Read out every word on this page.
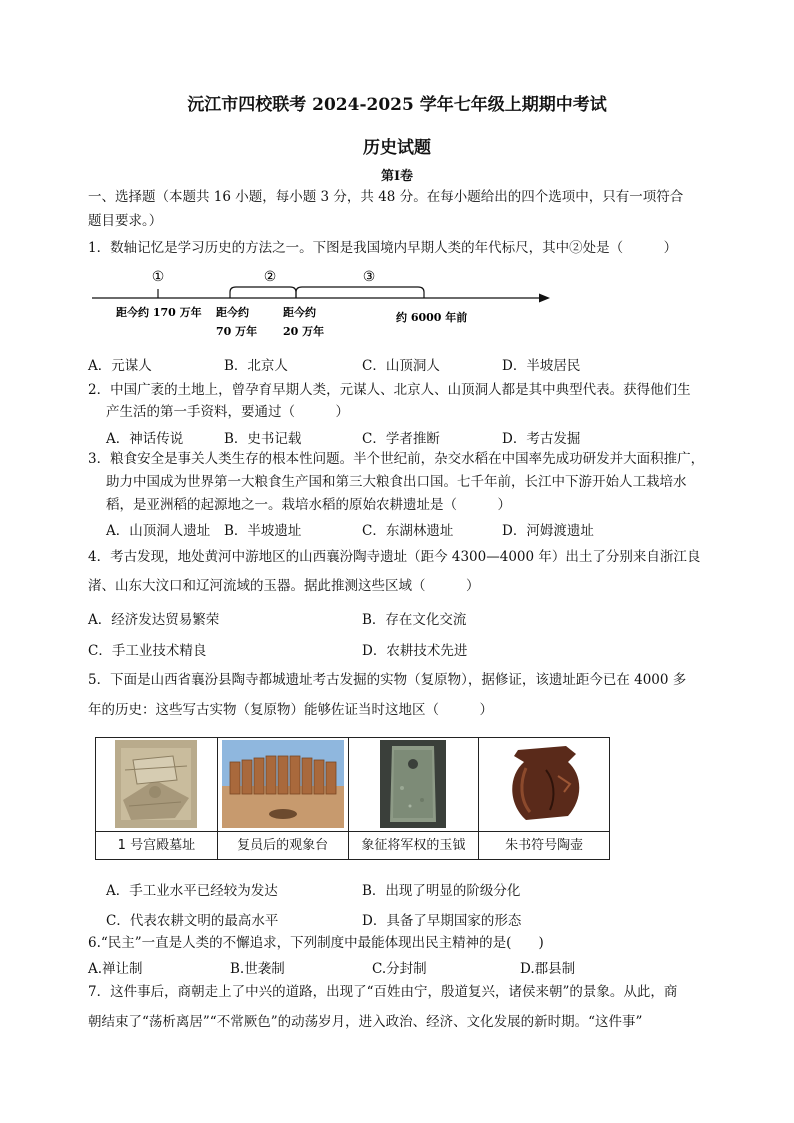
沅江市四校联考 2024-2025 学年七年级上期期中考试
历史试题
第Ⅰ卷
一、选择题（本题共 16 小题，每小题 3 分，共 48 分。在每小题给出的四个选项中，只有一项符合
题目要求。）
1．数轴记忆是学习历史的方法之一。下图是我国境内早期人类的年代标尺，其中②处是（　　　）
①	②	③
距今约 170 万年 距今约
70 万年
距今约
20 万年
约 6000 年前
A．元谋人	B．北京人	C．山顶洞人	D．半坡居民
2．中国广袤的土地上，曾孕育早期人类，元谋人、北京人、山顶洞人都是其中典型代表。获得他们生
产生活的第一手资料，要通过（　　　）
A．神话传说	B．史书记载	C．学者推断	D．考古发掘
3．粮食安全是事关人类生存的根本性问题。半个世纪前，杂交水稻在中国率先成功研发并大面积推广，
助力中国成为世界第一大粮食生产国和第三大粮食出口国。七千年前，长江中下游开始人工栽培水
稻，是亚洲稻的起源地之一。栽培水稻的原始农耕遗址是（　　　）
A．山顶洞人遗址 B．半坡遗址	C．东湖林遗址	D．河姆渡遗址
4．考古发现，地处黄河中游地区的山西襄汾陶寺遗址（距今 4300—4000 年）出土了分别来自浙江良
渚、山东大汶口和辽河流域的玉器。据此推测这些区域（　　　）
A．经济发达贸易繁荣	B．存在文化交流
C．手工业技术精良	D．农耕技术先进
5．下面是山西省襄汾县陶寺都城遗址考古发掘的实物（复原物），据修证，该遗址距今已在 4000 多
年的历史：这些写古实物（复原物）能够佐证当时这地区（　　　）
1 号宫殿墓址	复员后的观象台	象征将军权的玉钺	朱书符号陶壶
A．手工业水平已经较为发达	B．出现了明显的阶级分化
C．代表农耕文明的最高水平	D．具备了早期国家的形态
6.“民主”一直是人类的不懈追求，下列制度中最能体现出民主精神的是(　　)
A.禅让制	B.世袭制	C.分封制	D.郡县制
7．这件事后，商朝走上了中兴的道路，出现了“百姓由宁，殷道复兴，诸侯来朝”的景象。从此，商
朝结束了“荡析离居”“不常厥色”的动荡岁月，进入政治、经济、文化发展的新时期。“这件事”
